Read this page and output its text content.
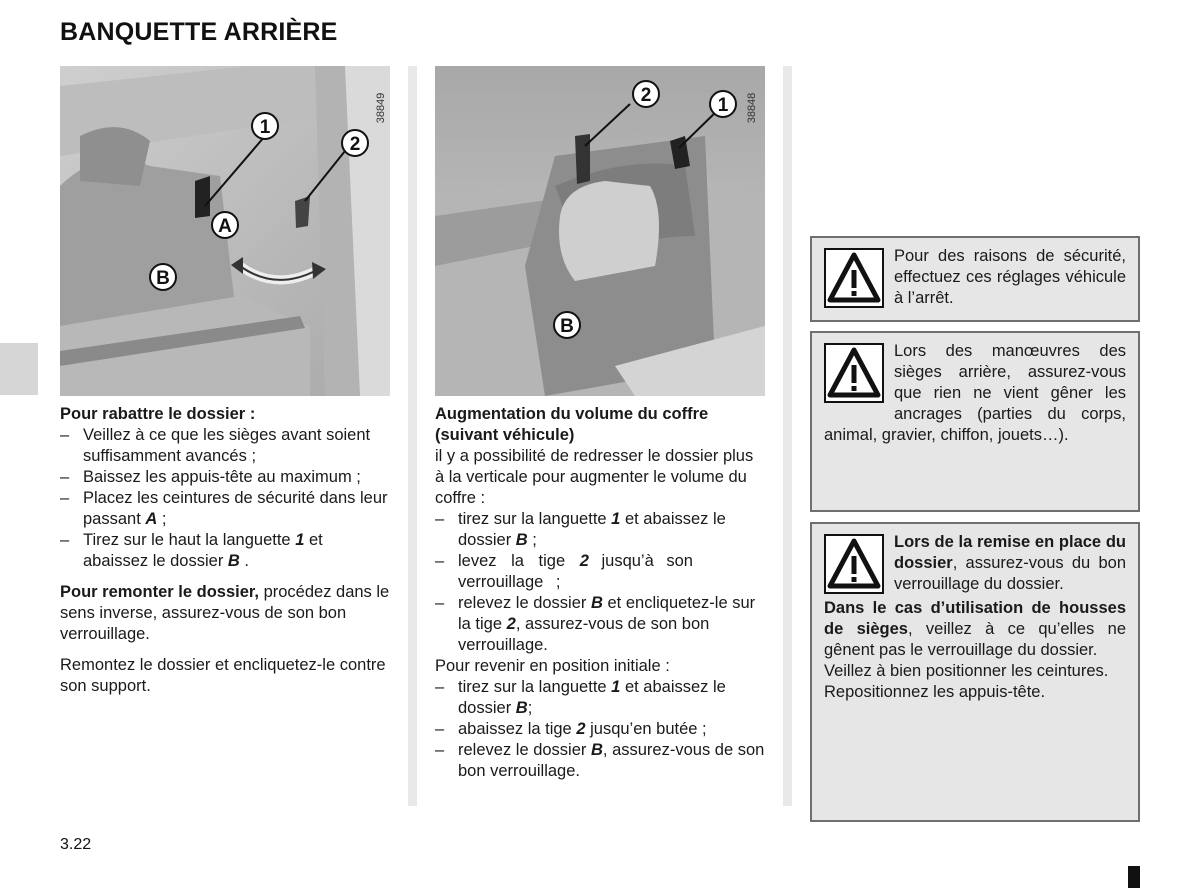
BANQUETTE ARRIÈRE
1
2
A
B
38849	2	1
B
38848

Pour rabattre le dossier :

– Veillez à ce que les sièges avant soient suffisamment avancés ;
– Baissez les appuis-tête au maximum ;
– Placez les ceintures de sécurité dans leur passant A ;
– Tirez sur le haut la languette 1 et abaissez le dossier B .

Pour remonter le dossier, procédez dans le sens inverse, assurez-vous de son bon verrouillage.

Remontez le dossier et encliquetez-le contre son support.

Augmentation du volume du coffre (suivant véhicule)

il y a possibilité de redresser le dossier plus à la verticale pour augmenter le volume du coffre :

– tirez sur la languette 1 et abaissez le dossier B ;
– levez la tige 2 jusqu’à son verrouillage ;
– relevez le dossier B et encliquetez-le sur la tige 2, assurez-vous de son bon verrouillage.

Pour revenir en position initiale :

– tirez sur la languette 1 et abaissez le dossier B;
– abaissez la tige 2 jusqu’en butée ;
– relevez le dossier B, assurez-vous de son bon verrouillage.

Pour des raisons de sécurité, effectuez ces réglages véhicule à l’arrêt.

Lors des manœuvres des sièges arrière, assurez-vous que rien ne vient gêner les ancrages (parties du corps, animal, gravier, chiffon, jouets…).

Lors de la remise en place du dossier, assurez-vous du bon verrouillage du dossier.

Dans le cas d’utilisation de housses de sièges, veillez à ce qu’elles ne gênent pas le verrouillage du dossier.

Veillez à bien positionner les ceintures.

Repositionnez les appuis-tête.

3.22
